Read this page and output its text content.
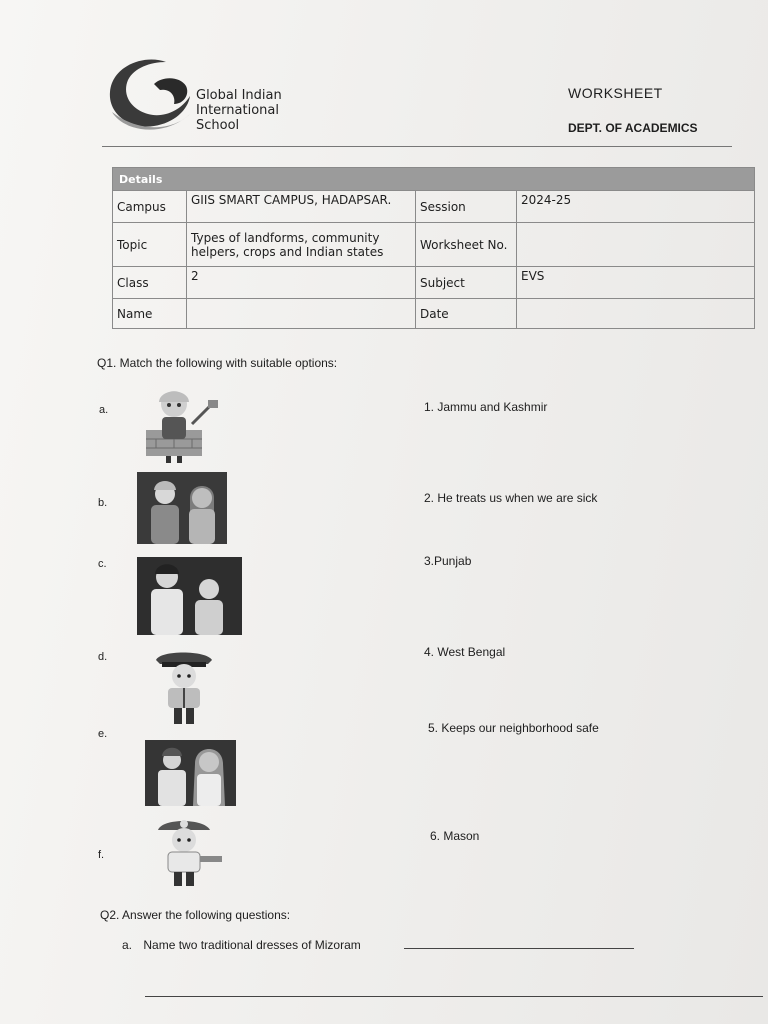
Global Indian
International
School
WORKSHEET
DEPT. OF ACADEMICS
Details			
Campus	GIIS SMART CAMPUS, HADAPSAR.	Session	2024-25
Topic	Types of landforms, community helpers, crops and Indian states	Worksheet No.	
Class	2	Subject	EVS
Name		Date	
Q1. Match the following with suitable options:
a.
b.
c.
d.
e.
f.
1. Jammu and Kashmir
2. He treats us when we are sick
3.Punjab
4. West Bengal
5. Keeps our neighborhood safe
6. Mason
Q2. Answer the following questions:
a. Name two traditional dresses of Mizoram
